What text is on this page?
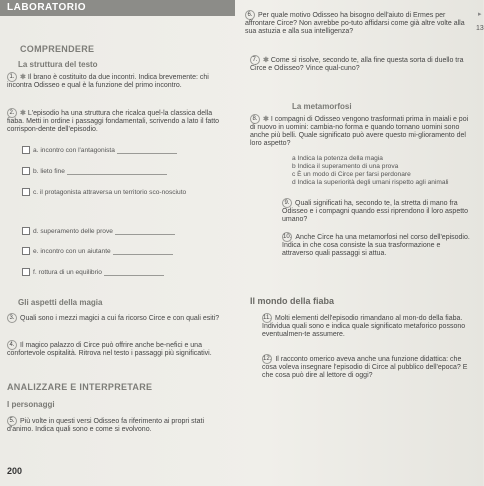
LABORATORIO
COMPRENDERE
La struttura del testo
1. ✱ Il brano è costituito da due incontri. Indica brevemente: chi incontra Odisseo e qual è la funzione del primo incontro.
2. ✱ L'episodio ha una struttura che ricalca quel-la classica della fiaba. Metti in ordine i passaggi fondamentali, scrivendo a lato il fatto corrispon-dente dell'episodio.
a. incontro con l'antagonista
b. lieto fine
c. il protagonista attraversa un territorio sco-nosciuto
d. superamento delle prove
e. incontro con un aiutante
f. rottura di un equilibrio
Gli aspetti della magia
3. Quali sono i mezzi magici a cui fa ricorso Circe e con quali esiti?
4. Il magico palazzo di Circe può offrire anche be-nefici e una confortevole ospitalità. Ritrova nel testo i passaggi più significativi.
ANALIZZARE E INTERPRETARE
I personaggi
5. Più volte in questi versi Odisseo fa riferimento ai propri stati d'animo. Indica quali sono e come si evolvono.
200
6. Per quale motivo Odisseo ha bisogno dell'aiuto di Ermes per affrontare Circe? Non avrebbe po-tuto affidarsi come già altre volte alla sua astuzia e alla sua intelligenza?
7. ✱ Come si risolve, secondo te, alla fine questa sorta di duello tra Circe e Odisseo? Vince qual-cuno?
La metamorfosi
8. ✱ I compagni di Odisseo vengono trasformati prima in maiali e poi di nuovo in uomini: cambia-no forma e quando tornano uomini sono anche più belli. Quale significato può avere questo mi-glioramento del loro aspetto?
a Indica la potenza della magia
b Indica il superamento di una prova
c È un modo di Circe per farsi perdonare
d Indica la superiorità degli umani rispetto agli animali
9. Quali significati ha, secondo te, la stretta di mano fra Odisseo e i compagni quando essi riprendono il loro aspetto umano?
10. Anche Circe ha una metamorfosi nel corso dell'episodio. Indica in che cosa consiste la sua trasformazione e attraverso quali passaggi si attua.
Il mondo della fiaba
11. Molti elementi dell'episodio rimandano al mon-do della fiaba. Individua quali sono e indica quale significato metaforico possono eventualmen-te assumere.
12. Il racconto omerico aveva anche una funzione didattica: che cosa voleva insegnare l'episodio di Circe al pubblico dell'epoca? E che cosa può dire al lettore di oggi?
▸
13
